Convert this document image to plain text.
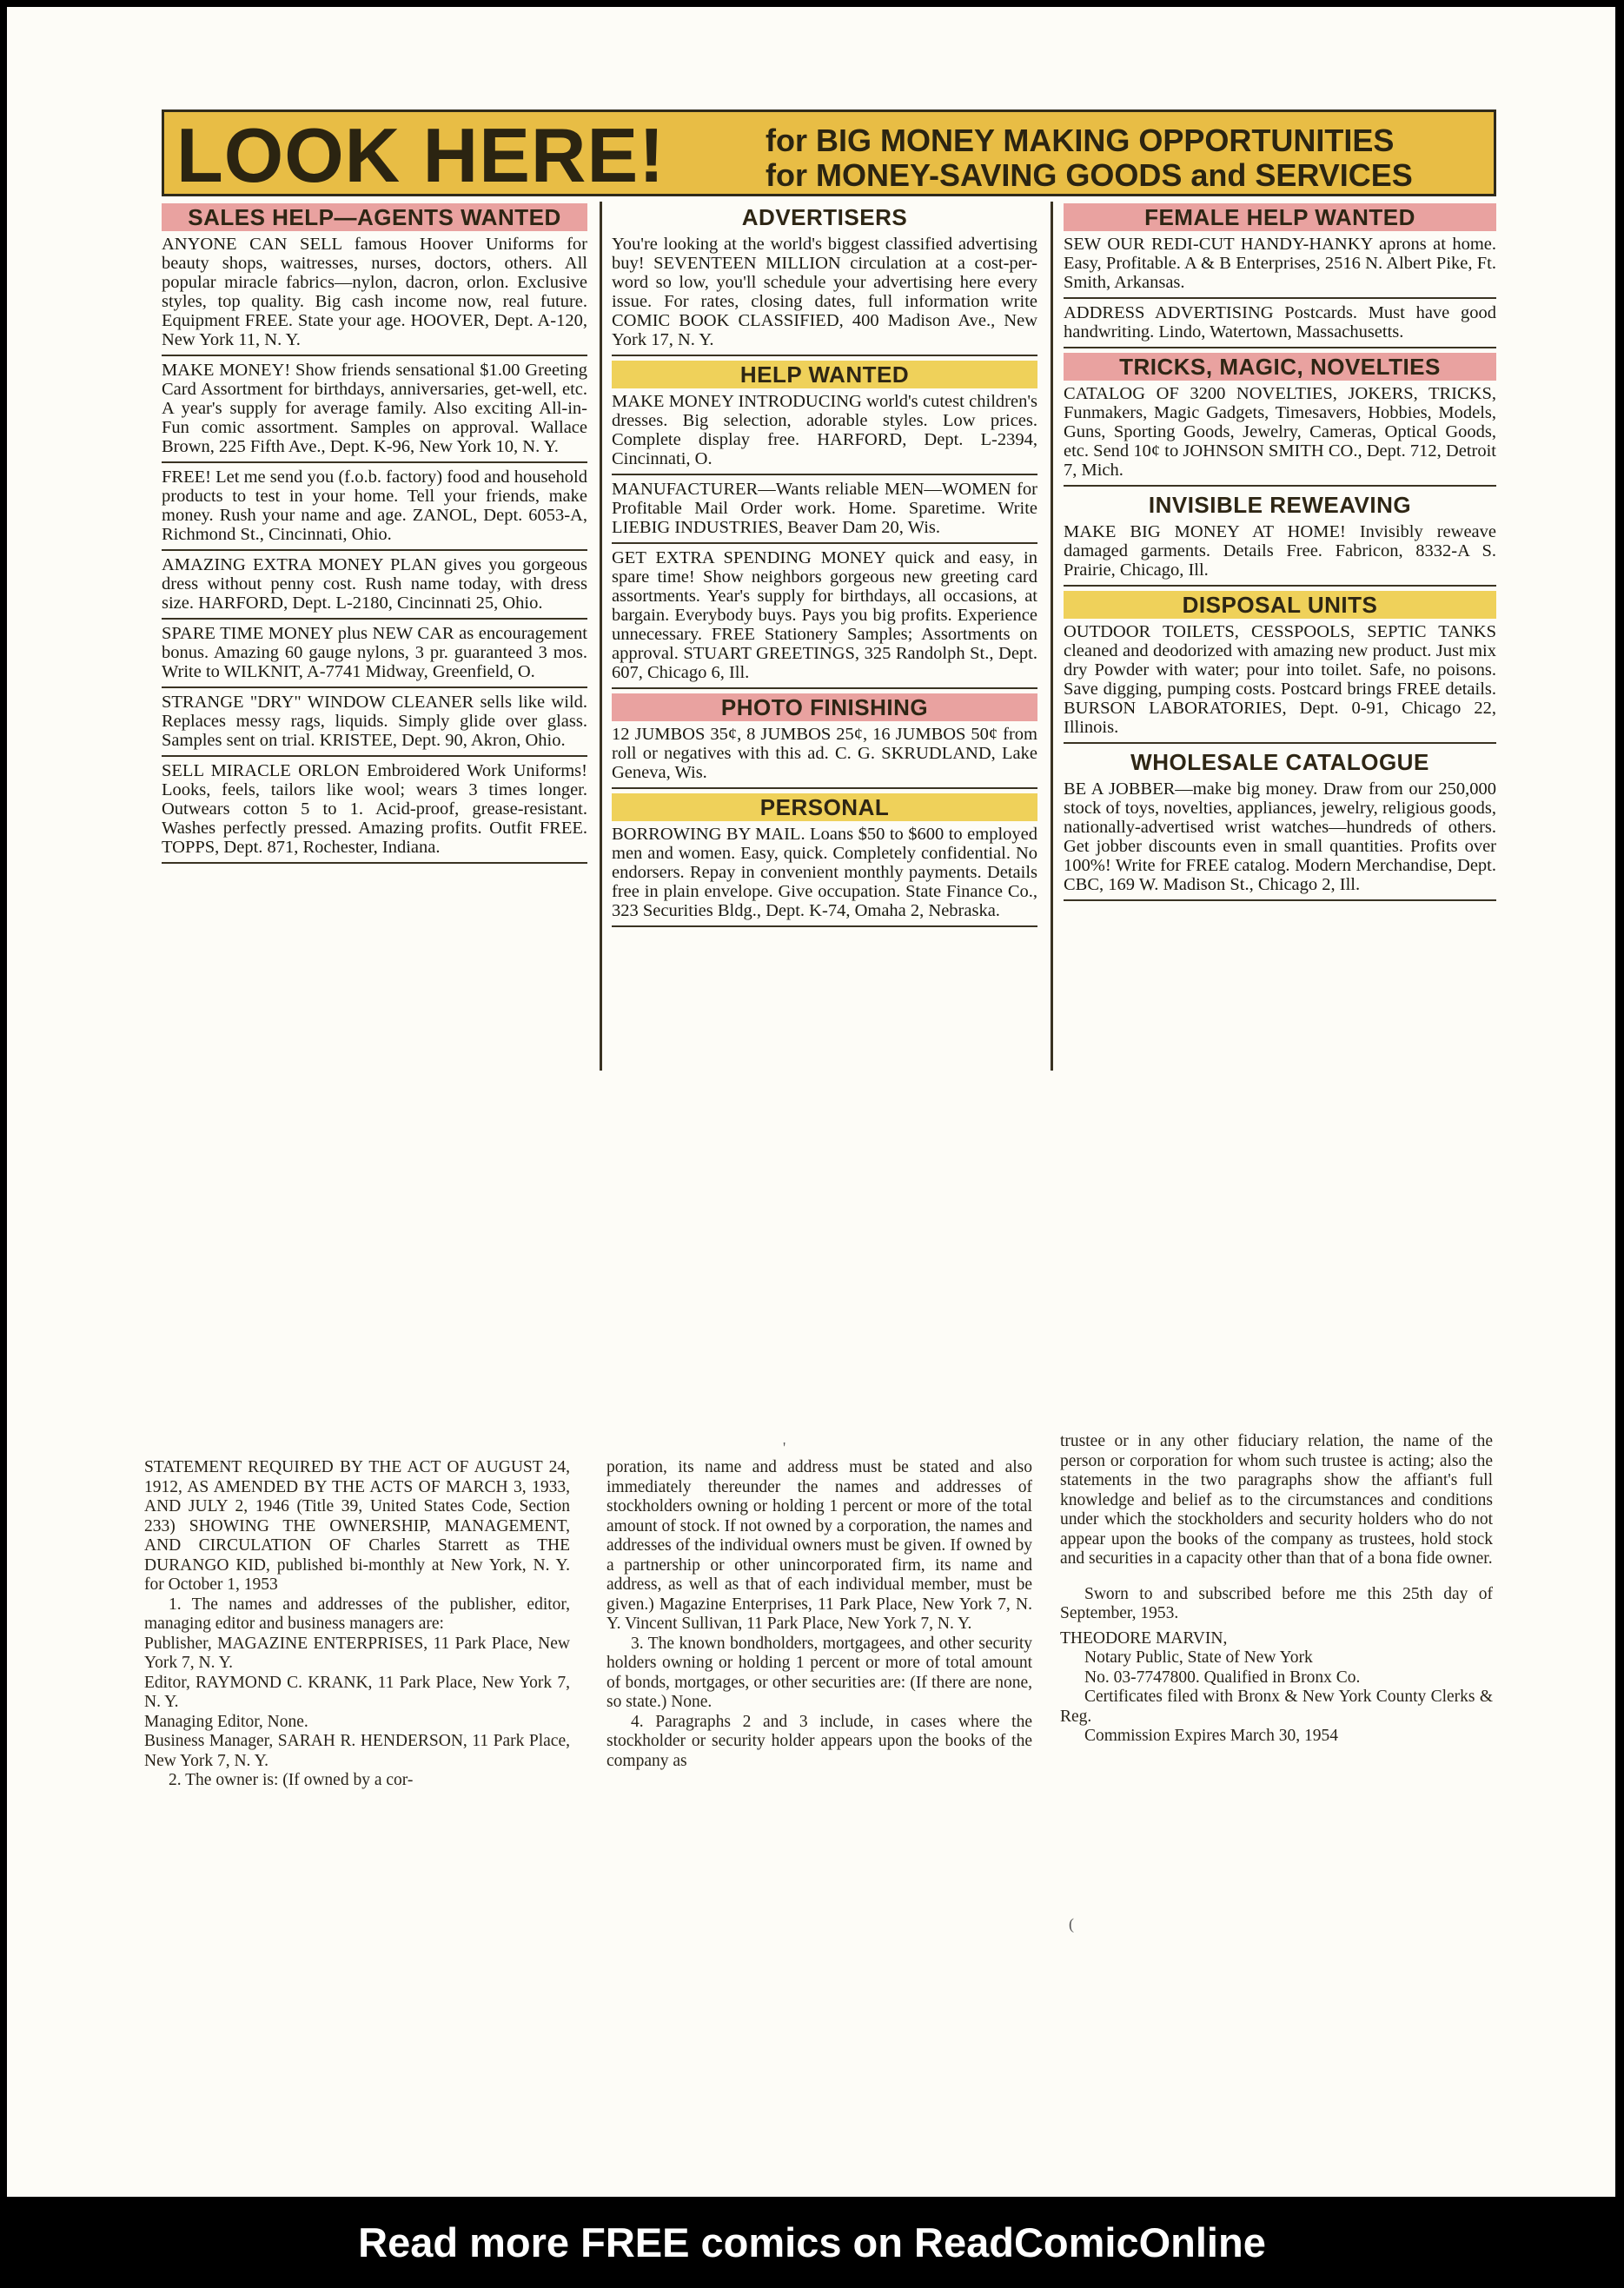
LOOK HERE!	for BIG MONEY MAKING OPPORTUNITIES
for MONEY-SAVING GOODS and SERVICES
SALES HELP—AGENTS WANTED
ANYONE CAN SELL famous Hoover Uniforms for beauty shops, waitresses, nurses, doctors, others. All popular miracle fabrics—nylon, dacron, orlon. Exclusive styles, top quality. Big cash income now, real future. Equipment FREE. State your age. HOOVER, Dept. A-120, New York 11, N. Y.
MAKE MONEY! Show friends sensational $1.00 Greeting Card Assortment for birthdays, anniversaries, get-well, etc. A year's supply for average family. Also exciting All-in-Fun comic assortment. Samples on approval. Wallace Brown, 225 Fifth Ave., Dept. K-96, New York 10, N. Y.
FREE! Let me send you (f.o.b. factory) food and household products to test in your home. Tell your friends, make money. Rush your name and age. ZANOL, Dept. 6053-A, Richmond St., Cincinnati, Ohio.
AMAZING EXTRA MONEY PLAN gives you gorgeous dress without penny cost. Rush name today, with dress size. HARFORD, Dept. L-2180, Cincinnati 25, Ohio.
SPARE TIME MONEY plus NEW CAR as encouragement bonus. Amazing 60 gauge nylons, 3 pr. guaranteed 3 mos. Write to WILKNIT, A-7741 Midway, Greenfield, O.
STRANGE "DRY" WINDOW CLEANER sells like wild. Replaces messy rags, liquids. Simply glide over glass. Samples sent on trial. KRISTEE, Dept. 90, Akron, Ohio.
SELL MIRACLE ORLON Embroidered Work Uniforms! Looks, feels, tailors like wool; wears 3 times longer. Outwears cotton 5 to 1. Acid-proof, grease-resistant. Washes perfectly pressed. Amazing profits. Outfit FREE. TOPPS, Dept. 871, Rochester, Indiana.
ADVERTISERS
You're looking at the world's biggest classified advertising buy! SEVENTEEN MILLION circulation at a cost-per-word so low, you'll schedule your advertising here every issue. For rates, closing dates, full information write COMIC BOOK CLASSIFIED, 400 Madison Ave., New York 17, N. Y.
HELP WANTED
MAKE MONEY INTRODUCING world's cutest children's dresses. Big selection, adorable styles. Low prices. Complete display free. HARFORD, Dept. L-2394, Cincinnati, O.
MANUFACTURER—Wants reliable MEN—WOMEN for Profitable Mail Order work. Home. Sparetime. Write LIEBIG INDUSTRIES, Beaver Dam 20, Wis.
GET EXTRA SPENDING MONEY quick and easy, in spare time! Show neighbors gorgeous new greeting card assortments. Year's supply for birthdays, all occasions, at bargain. Everybody buys. Pays you big profits. Experience unnecessary. FREE Stationery Samples; Assortments on approval. STUART GREETINGS, 325 Randolph St., Dept. 607, Chicago 6, Ill.
PHOTO FINISHING
12 JUMBOS 35¢, 8 JUMBOS 25¢, 16 JUMBOS 50¢ from roll or negatives with this ad. C. G. SKRUDLAND, Lake Geneva, Wis.
PERSONAL
BORROWING BY MAIL. Loans $50 to $600 to employed men and women. Easy, quick. Completely confidential. No endorsers. Repay in convenient monthly payments. Details free in plain envelope. Give occupation. State Finance Co., 323 Securities Bldg., Dept. K-74, Omaha 2, Nebraska.
FEMALE HELP WANTED
SEW OUR REDI-CUT HANDY-HANKY aprons at home. Easy, Profitable. A & B Enterprises, 2516 N. Albert Pike, Ft. Smith, Arkansas.
ADDRESS ADVERTISING Postcards. Must have good handwriting. Lindo, Watertown, Massachusetts.
TRICKS, MAGIC, NOVELTIES
CATALOG OF 3200 NOVELTIES, JOKERS, TRICKS, Funmakers, Magic Gadgets, Timesavers, Hobbies, Models, Guns, Sporting Goods, Jewelry, Cameras, Optical Goods, etc. Send 10¢ to JOHNSON SMITH CO., Dept. 712, Detroit 7, Mich.
INVISIBLE REWEAVING
MAKE BIG MONEY AT HOME! Invisibly reweave damaged garments. Details Free. Fabricon, 8332-A S. Prairie, Chicago, Ill.
DISPOSAL UNITS
OUTDOOR TOILETS, CESSPOOLS, SEPTIC TANKS cleaned and deodorized with amazing new product. Just mix dry Powder with water; pour into toilet. Safe, no poisons. Save digging, pumping costs. Postcard brings FREE details. BURSON LABORATORIES, Dept. 0-91, Chicago 22, Illinois.
WHOLESALE CATALOGUE
BE A JOBBER—make big money. Draw from our 250,000 stock of toys, novelties, appliances, jewelry, religious goods, nationally-advertised wrist watches—hundreds of others. Get jobber discounts even in small quantities. Profits over 100%! Write for FREE catalog. Modern Merchandise, Dept. CBC, 169 W. Madison St., Chicago 2, Ill.
'

STATEMENT REQUIRED BY THE ACT OF AUGUST 24, 1912, AS AMENDED BY THE ACTS OF MARCH 3, 1933, AND JULY 2, 1946 (Title 39, United States Code, Section 233) SHOWING THE OWNERSHIP, MANAGEMENT, AND CIRCULATION OF Charles Starrett as THE DURANGO KID, published bi-monthly at New York, N. Y. for October 1, 1953

1. The names and addresses of the publisher, editor, managing editor and business managers are:

Publisher, MAGAZINE ENTERPRISES, 11 Park Place, New York 7, N. Y.

Editor, RAYMOND C. KRANK, 11 Park Place, New York 7, N. Y.

Managing Editor, None.

Business Manager, SARAH R. HENDERSON, 11 Park Place, New York 7, N. Y.

2. The owner is: (If owned by a cor-

poration, its name and address must be stated and also immediately thereunder the names and addresses of stockholders owning or holding 1 percent or more of the total amount of stock. If not owned by a corporation, the names and addresses of the individual owners must be given. If owned by a partnership or other unincorporated firm, its name and address, as well as that of each individual member, must be given.) Magazine Enterprises, 11 Park Place, New York 7, N. Y. Vincent Sullivan, 11 Park Place, New York 7, N. Y.

3. The known bondholders, mortgagees, and other security holders owning or holding 1 percent or more of total amount of bonds, mortgages, or other securities are: (If there are none, so state.) None.

4. Paragraphs 2 and 3 include, in cases where the stockholder or security holder appears upon the books of the company as

trustee or in any other fiduciary relation, the name of the person or corporation for whom such trustee is acting; also the statements in the two paragraphs show the affiant's full knowledge and belief as to the circumstances and conditions under which the stockholders and security holders who do not appear upon the books of the company as trustees, hold stock and securities in a capacity other than that of a bona fide owner.

Sworn to and subscribed before me this 25th day of September, 1953.

THEODORE MARVIN,

Notary Public, State of New York

No. 03-7747800. Qualified in Bronx Co.

Certificates filed with Bronx & New York County Clerks & Reg.

Commission Expires March 30, 1954

(
Read more FREE comics on ReadComicOnline
